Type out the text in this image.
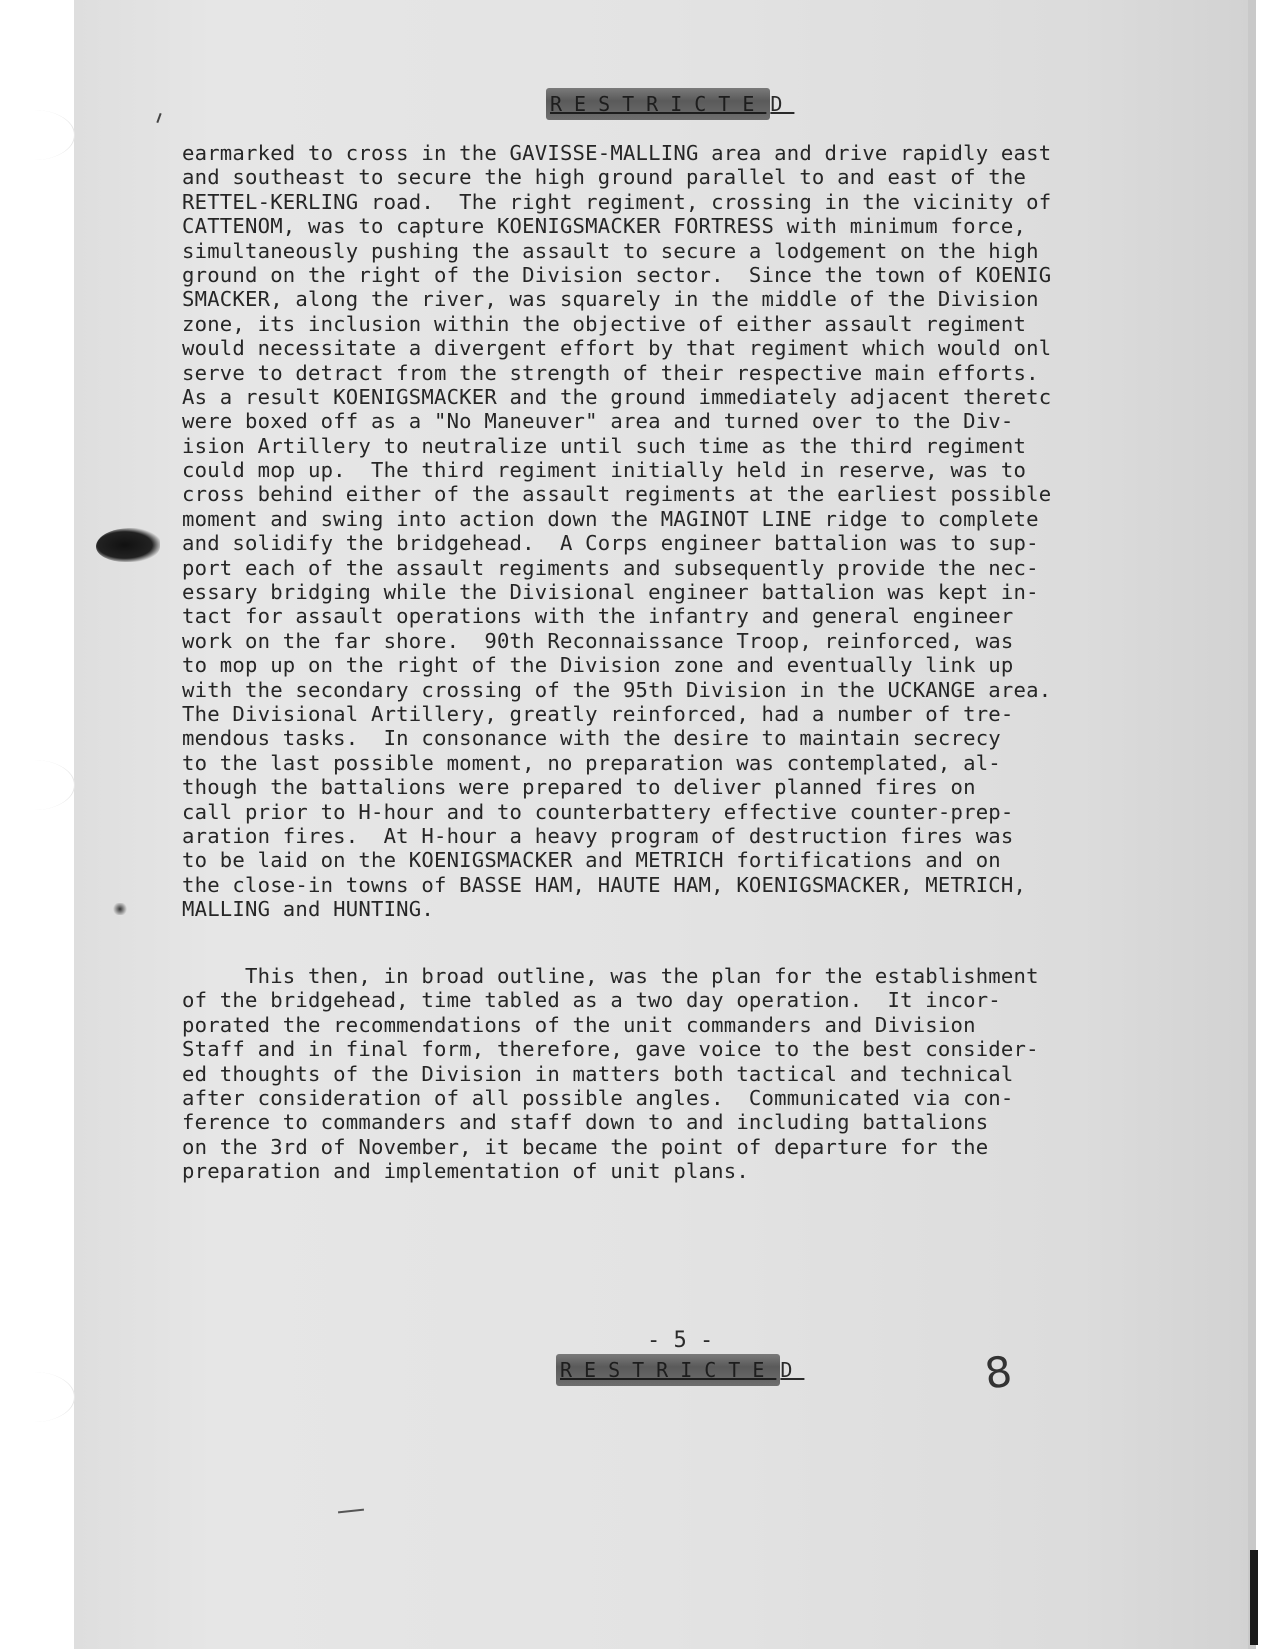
RESTRICTE D
earmarked to cross in the GAVISSE-MALLING area and drive rapidly east
and southeast to secure the high ground parallel to and east of the
RETTEL-KERLING road.  The right regiment, crossing in the vicinity of
CATTENOM, was to capture KOENIGSMACKER FORTRESS with minimum force,
simultaneously pushing the assault to secure a lodgement on the high
ground on the right of the Division sector.  Since the town of KOENIG
SMACKER, along the river, was squarely in the middle of the Division
zone, its inclusion within the objective of either assault regiment
would necessitate a divergent effort by that regiment which would onl
serve to detract from the strength of their respective main efforts.
As a result KOENIGSMACKER and the ground immediately adjacent theretc
were boxed off as a "No Maneuver" area and turned over to the Div-
ision Artillery to neutralize until such time as the third regiment
could mop up.  The third regiment initially held in reserve, was to
cross behind either of the assault regiments at the earliest possible
moment and swing into action down the MAGINOT LINE ridge to complete
and solidify the bridgehead.  A Corps engineer battalion was to sup-
port each of the assault regiments and subsequently provide the nec-
essary bridging while the Divisional engineer battalion was kept in-
tact for assault operations with the infantry and general engineer
work on the far shore.  90th Reconnaissance Troop, reinforced, was
to mop up on the right of the Division zone and eventually link up
with the secondary crossing of the 95th Division in the UCKANGE area.
The Divisional Artillery, greatly reinforced, had a number of tre-
mendous tasks.  In consonance with the desire to maintain secrecy
to the last possible moment, no preparation was contemplated, al-
though the battalions were prepared to deliver planned fires on
call prior to H-hour and to counterbattery effective counter-prep-
aration fires.  At H-hour a heavy program of destruction fires was
to be laid on the KOENIGSMACKER and METRICH fortifications and on
the close-in towns of BASSE HAM, HAUTE HAM, KOENIGSMACKER, METRICH,
MALLING and HUNTING.
This then, in broad outline, was the plan for the establishment
of the bridgehead, time tabled as a two day operation.  It incor-
porated the recommendations of the unit commanders and Division
Staff and in final form, therefore, gave voice to the best consider-
ed thoughts of the Division in matters both tactical and technical
after consideration of all possible angles.  Communicated via con-
ference to commanders and staff down to and including battalions
on the 3rd of November, it became the point of departure for the
preparation and implementation of unit plans.
- 5 -
RESTRICTE D	8
